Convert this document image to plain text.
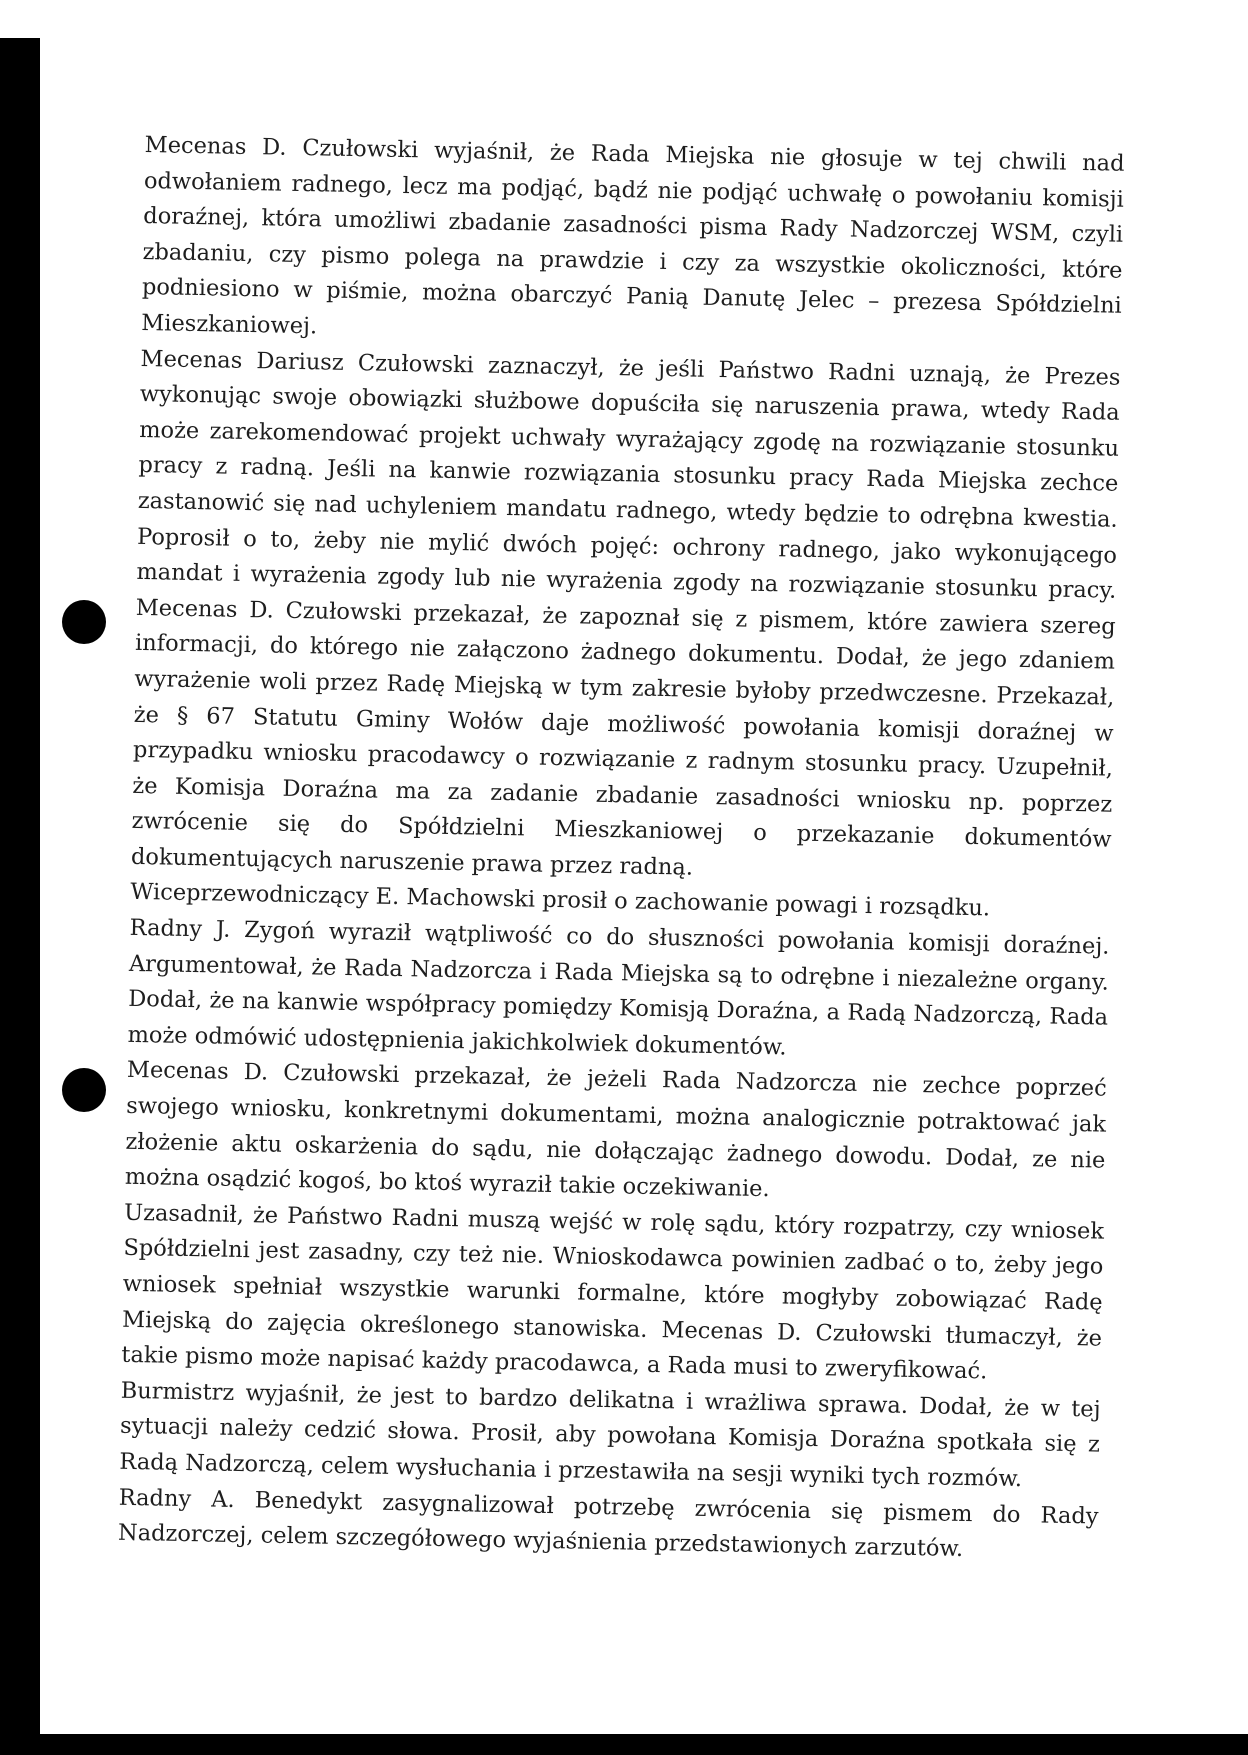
Mecenas D. Czułowski wyjaśnił, że Rada Miejska nie głosuje w tej chwili nad odwołaniem radnego, lecz ma podjąć, bądź nie podjąć uchwałę o powołaniu komisji doraźnej, która umożliwi zbadanie zasadności pisma Rady Nadzorczej WSM, czyli zbadaniu, czy pismo polega na prawdzie i czy za wszystkie okoliczności, które podniesiono w piśmie, można obarczyć Panią Danutę Jelec – prezesa Spółdzielni Mieszkaniowej.

Mecenas Dariusz Czułowski zaznaczył, że jeśli Państwo Radni uznają, że Prezes wykonując swoje obowiązki służbowe dopuściła się naruszenia prawa, wtedy Rada może zarekomendować projekt uchwały wyrażający zgodę na rozwiązanie stosunku pracy z radną. Jeśli na kanwie rozwiązania stosunku pracy Rada Miejska zechce zastanowić się nad uchyleniem mandatu radnego, wtedy będzie to odrębna kwestia. Poprosił o to, żeby nie mylić dwóch pojęć: ochrony radnego, jako wykonującego mandat i wyrażenia zgody lub nie wyrażenia zgody na rozwiązanie stosunku pracy. Mecenas D. Czułowski przekazał, że zapoznał się z pismem, które zawiera szereg informacji, do którego nie załączono żadnego dokumentu. Dodał, że jego zdaniem wyrażenie woli przez Radę Miejską w tym zakresie byłoby przedwczesne. Przekazał, że § 67 Statutu Gminy Wołów daje możliwość powołania komisji doraźnej w przypadku wniosku pracodawcy o rozwiązanie z radnym stosunku pracy. Uzupełnił, że Komisja Doraźna ma za zadanie zbadanie zasadności wniosku np. poprzez zwrócenie się do Spółdzielni Mieszkaniowej o przekazanie dokumentów dokumentujących naruszenie prawa przez radną.

Wiceprzewodniczący E. Machowski prosił o zachowanie powagi i rozsądku.

Radny J. Zygoń wyraził wątpliwość co do słuszności powołania komisji doraźnej. Argumentował, że Rada Nadzorcza i Rada Miejska są to odrębne i niezależne organy. Dodał, że na kanwie współpracy pomiędzy Komisją Doraźna, a Radą Nadzorczą, Rada może odmówić udostępnienia jakichkolwiek dokumentów.

Mecenas D. Czułowski przekazał, że jeżeli Rada Nadzorcza nie zechce poprzeć swojego wniosku, konkretnymi dokumentami, można analogicznie potraktować jak złożenie aktu oskarżenia do sądu, nie dołączając żadnego dowodu. Dodał, ze nie można osądzić kogoś, bo ktoś wyraził takie oczekiwanie.

Uzasadnił, że Państwo Radni muszą wejść w rolę sądu, który rozpatrzy, czy wniosek Spółdzielni jest zasadny, czy też nie. Wnioskodawca powinien zadbać o to, żeby jego wniosek spełniał wszystkie warunki formalne, które mogłyby zobowiązać Radę Miejską do zajęcia określonego stanowiska. Mecenas D. Czułowski tłumaczył, że takie pismo może napisać każdy pracodawca, a Rada musi to zweryfikować.

Burmistrz wyjaśnił, że jest to bardzo delikatna i wrażliwa sprawa. Dodał, że w tej sytuacji należy cedzić słowa. Prosił, aby powołana Komisja Doraźna spotkała się z Radą Nadzorczą, celem wysłuchania i przestawiła na sesji wyniki tych rozmów.

Radny A. Benedykt zasygnalizował potrzebę zwrócenia się pismem do Rady Nadzorczej, celem szczegółowego wyjaśnienia przedstawionych zarzutów.
